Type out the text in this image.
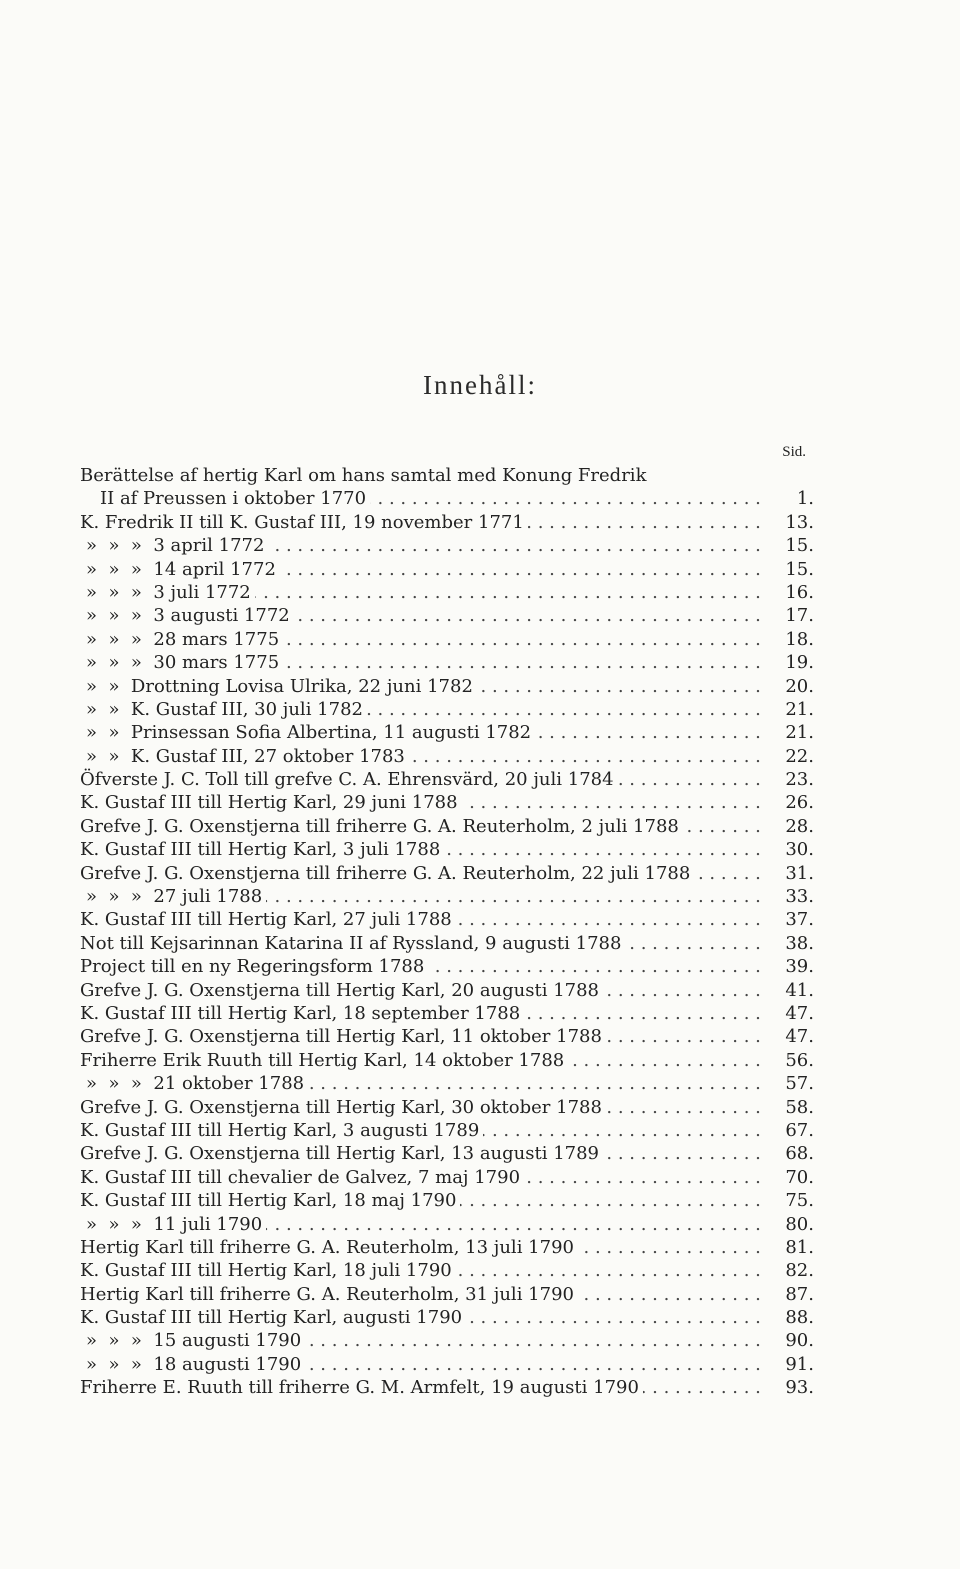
Innehåll:
Sid.
Berättelse af hertig Karl om hans samtal med Konung Fredrik
. . .
II af Preussen i oktober 1770	1.
. . .
K. Fredrik II till K. Gustaf III, 19 november 1771	13.
. . .
»  »  »  3 april 1772	15.
. . .
»  »  »  14 april 1772	15.
. . .
»  »  »  3 juli 1772	16.
. . .
»  »  »  3 augusti 1772	17.
. . .
»  »  »  28 mars 1775	18.
. . .
»  »  »  30 mars 1775	19.
. . .
»  »  Drottning Lovisa Ulrika, 22 juni 1782	20.
. . .
»  »  K. Gustaf III, 30 juli 1782	21.
. . .
»  »  Prinsessan Sofia Albertina, 11 augusti 1782	21.
. . .
»  »  K. Gustaf III, 27 oktober 1783	22.
. . .
Öfverste J. C. Toll till grefve C. A. Ehrensvärd, 20 juli 1784	23.
. . .
K. Gustaf III till Hertig Karl, 29 juni 1788	26.
. . .
Grefve J. G. Oxenstjerna till friherre G. A. Reuterholm, 2 juli 1788	28.
. . .
K. Gustaf III till Hertig Karl, 3 juli 1788	30.
. . .
Grefve J. G. Oxenstjerna till friherre G. A. Reuterholm, 22 juli 1788	31.
. . .
»  »  »  27 juli 1788	33.
. . .
K. Gustaf III till Hertig Karl, 27 juli 1788	37.
. . .
Not till Kejsarinnan Katarina II af Ryssland, 9 augusti 1788	38.
. . .
Project till en ny Regeringsform 1788	39.
. . .
Grefve J. G. Oxenstjerna till Hertig Karl, 20 augusti 1788	41.
. . .
K. Gustaf III till Hertig Karl, 18 september 1788	47.
. . .
Grefve J. G. Oxenstjerna till Hertig Karl, 11 oktober 1788	47.
. . .
Friherre Erik Ruuth till Hertig Karl, 14 oktober 1788	56.
. . .
»  »  »  21 oktober 1788	57.
. . .
Grefve J. G. Oxenstjerna till Hertig Karl, 30 oktober 1788	58.
. . .
K. Gustaf III till Hertig Karl, 3 augusti 1789	67.
. . .
Grefve J. G. Oxenstjerna till Hertig Karl, 13 augusti 1789	68.
. . .
K. Gustaf III till chevalier de Galvez, 7 maj 1790	70.
. . .
K. Gustaf III till Hertig Karl, 18 maj 1790	75.
. . .
»  »  »  11 juli 1790	80.
. . .
Hertig Karl till friherre G. A. Reuterholm, 13 juli 1790	81.
. . .
K. Gustaf III till Hertig Karl, 18 juli 1790	82.
. . .
Hertig Karl till friherre G. A. Reuterholm, 31 juli 1790	87.
. . .
K. Gustaf III till Hertig Karl, augusti 1790	88.
. . .
»  »  »  15 augusti 1790	90.
. . .
»  »  »  18 augusti 1790	91.
. . .
Friherre E. Ruuth till friherre G. M. Armfelt, 19 augusti 1790	93.
